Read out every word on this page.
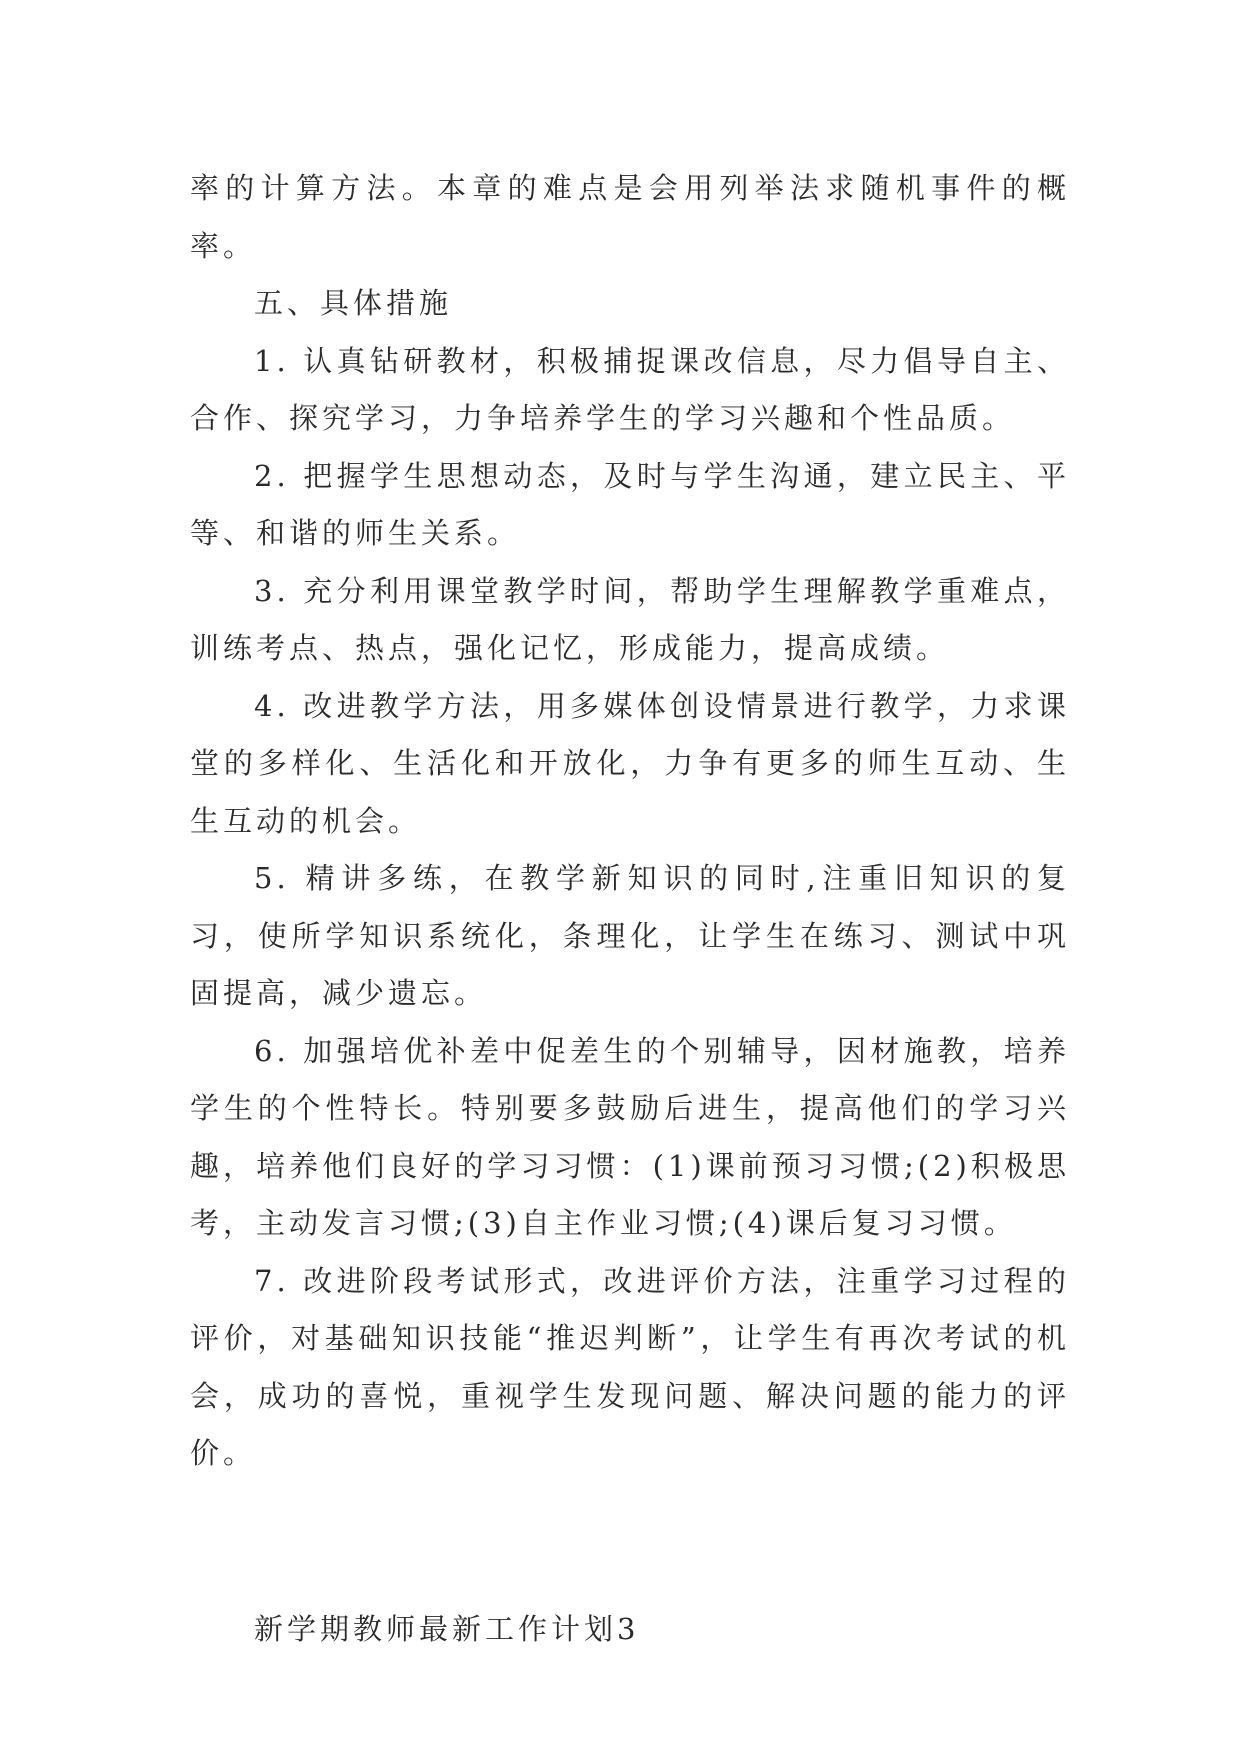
率的计算方法。本章的难点是会用列举法求随机事件的概率。

五、具体措施

1. 认真钻研教材，积极捕捉课改信息，尽力倡导自主、合作、探究学习，力争培养学生的学习兴趣和个性品质。

2. 把握学生思想动态，及时与学生沟通，建立民主、平等、和谐的师生关系。

3. 充分利用课堂教学时间，帮助学生理解教学重难点，训练考点、热点，强化记忆，形成能力，提高成绩。

4. 改进教学方法，用多媒体创设情景进行教学，力求课堂的多样化、生活化和开放化，力争有更多的师生互动、生生互动的机会。

5. 精讲多练，在教学新知识的同时,注重旧知识的复习，使所学知识系统化，条理化，让学生在练习、测试中巩固提高，减少遗忘。

6. 加强培优补差中促差生的个别辅导，因材施教，培养学生的个性特长。特别要多鼓励后进生，提高他们的学习兴趣，培养他们良好的学习习惯：(1)课前预习习惯;(2)积极思考，主动发言习惯;(3)自主作业习惯;(4)课后复习习惯。

7. 改进阶段考试形式，改进评价方法，注重学习过程的评价，对基础知识技能“推迟判断”，让学生有再次考试的机会，成功的喜悦，重视学生发现问题、解决问题的能力的评价。

新学期教师最新工作计划3
